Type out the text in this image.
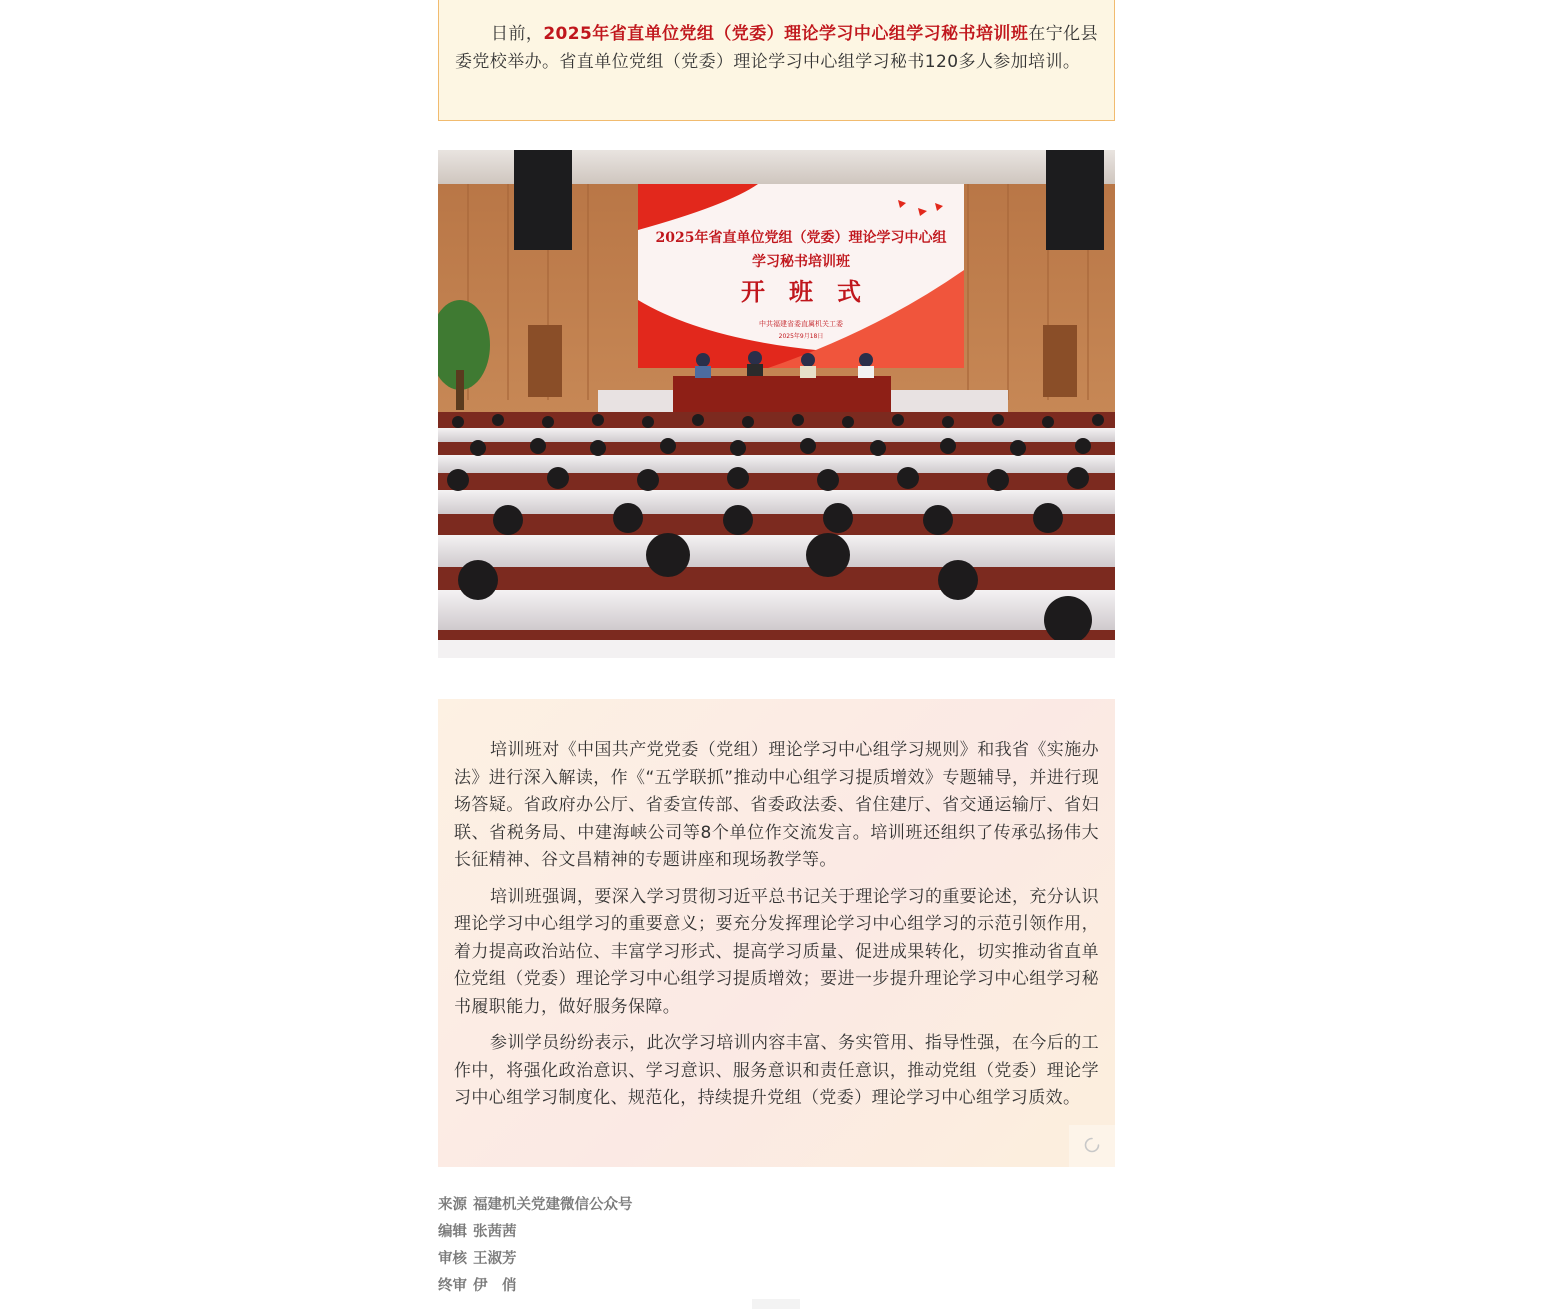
日前，2025年省直单位党组（党委）理论学习中心组学习秘书培训班在宁化县委党校举办。省直单位党组（党委）理论学习中心组学习秘书120多人参加培训。
2025年省直单位党组（党委）理论学习中心组
学习秘书培训班
开　班　式
中共福建省委直属机关工委
2025年9月18日

培训班对《中国共产党党委（党组）理论学习中心组学习规则》和我省《实施办法》进行深入解读，作《“五学联抓”推动中心组学习提质增效》专题辅导，并进行现场答疑。省政府办公厅、省委宣传部、省委政法委、省住建厅、省交通运输厅、省妇联、省税务局、中建海峡公司等8个单位作交流发言。培训班还组织了传承弘扬伟大长征精神、谷文昌精神的专题讲座和现场教学等。

培训班强调，要深入学习贯彻习近平总书记关于理论学习的重要论述，充分认识理论学习中心组学习的重要意义；要充分发挥理论学习中心组学习的示范引领作用，着力提高政治站位、丰富学习形式、提高学习质量、促进成果转化，切实推动省直单位党组（党委）理论学习中心组学习提质增效；要进一步提升理论学习中心组学习秘书履职能力，做好服务保障。

参训学员纷纷表示，此次学习培训内容丰富、务实管用、指导性强，在今后的工作中，将强化政治意识、学习意识、服务意识和责任意识，推动党组（党委）理论学习中心组学习制度化、规范化，持续提升党组（党委）理论学习中心组学习质效。

来源 福建机关党建微信公众号
编辑 张茜茜
审核 王淑芳
终审 伊　俏
